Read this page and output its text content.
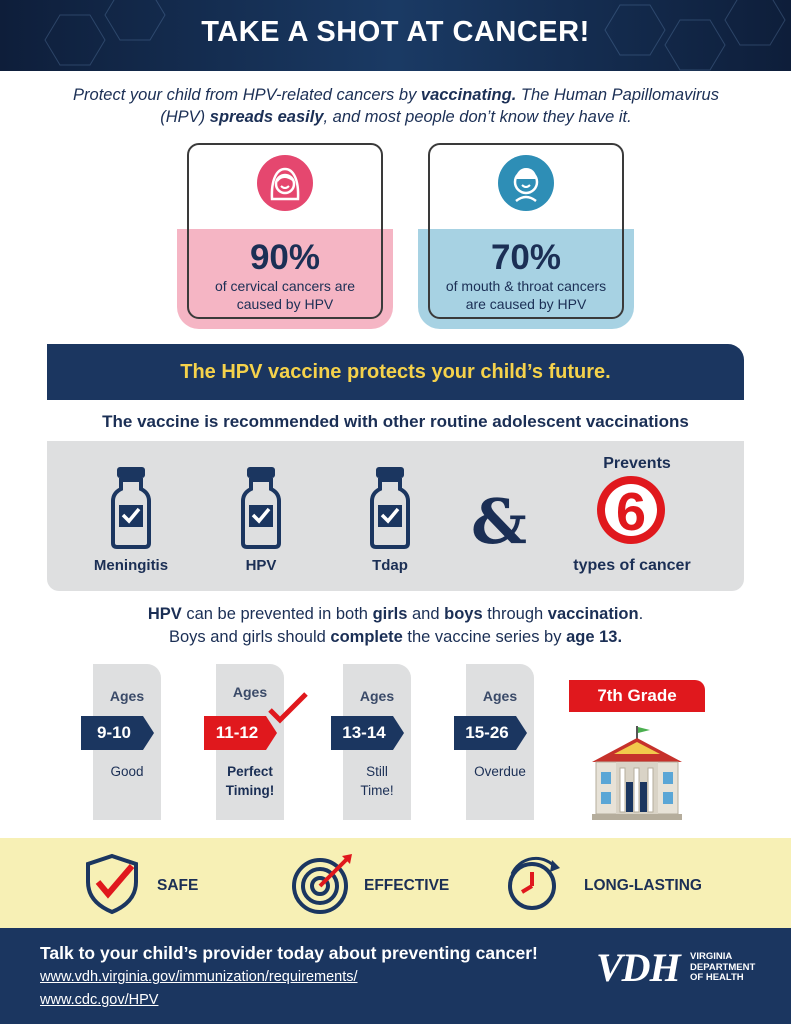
TAKE A SHOT AT CANCER!

Protect your child from HPV-related cancers by vaccinating. The Human Papillomavirus (HPV) spreads easily, and most people don’t know they have it.

90%
of cervical cancers are
caused by HPV
70%
of mouth & throat cancers
are caused by HPV
The HPV vaccine protects your child’s future.
The vaccine is recommended with other routine adolescent vaccinations
Meningitis	HPV	Tdap
&
Prevents
6
types of cancer
HPV can be prevented in both girls and boys through vaccination.
Boys and girls should complete the vaccine series by age 13.
Ages
9-10
Good
Ages
11-12
Perfect
Timing!
Ages
13-14
Still
Time!
Ages
15-26
Overdue
7th Grade
SAFE	EFFECTIVE	LONG-LASTING
Talk to your child’s provider today about preventing cancer!
www.vdh.virginia.gov/immunization/requirements/
www.cdc.gov/HPV
VDH VIRGINIA
DEPARTMENT
OF HEALTH
